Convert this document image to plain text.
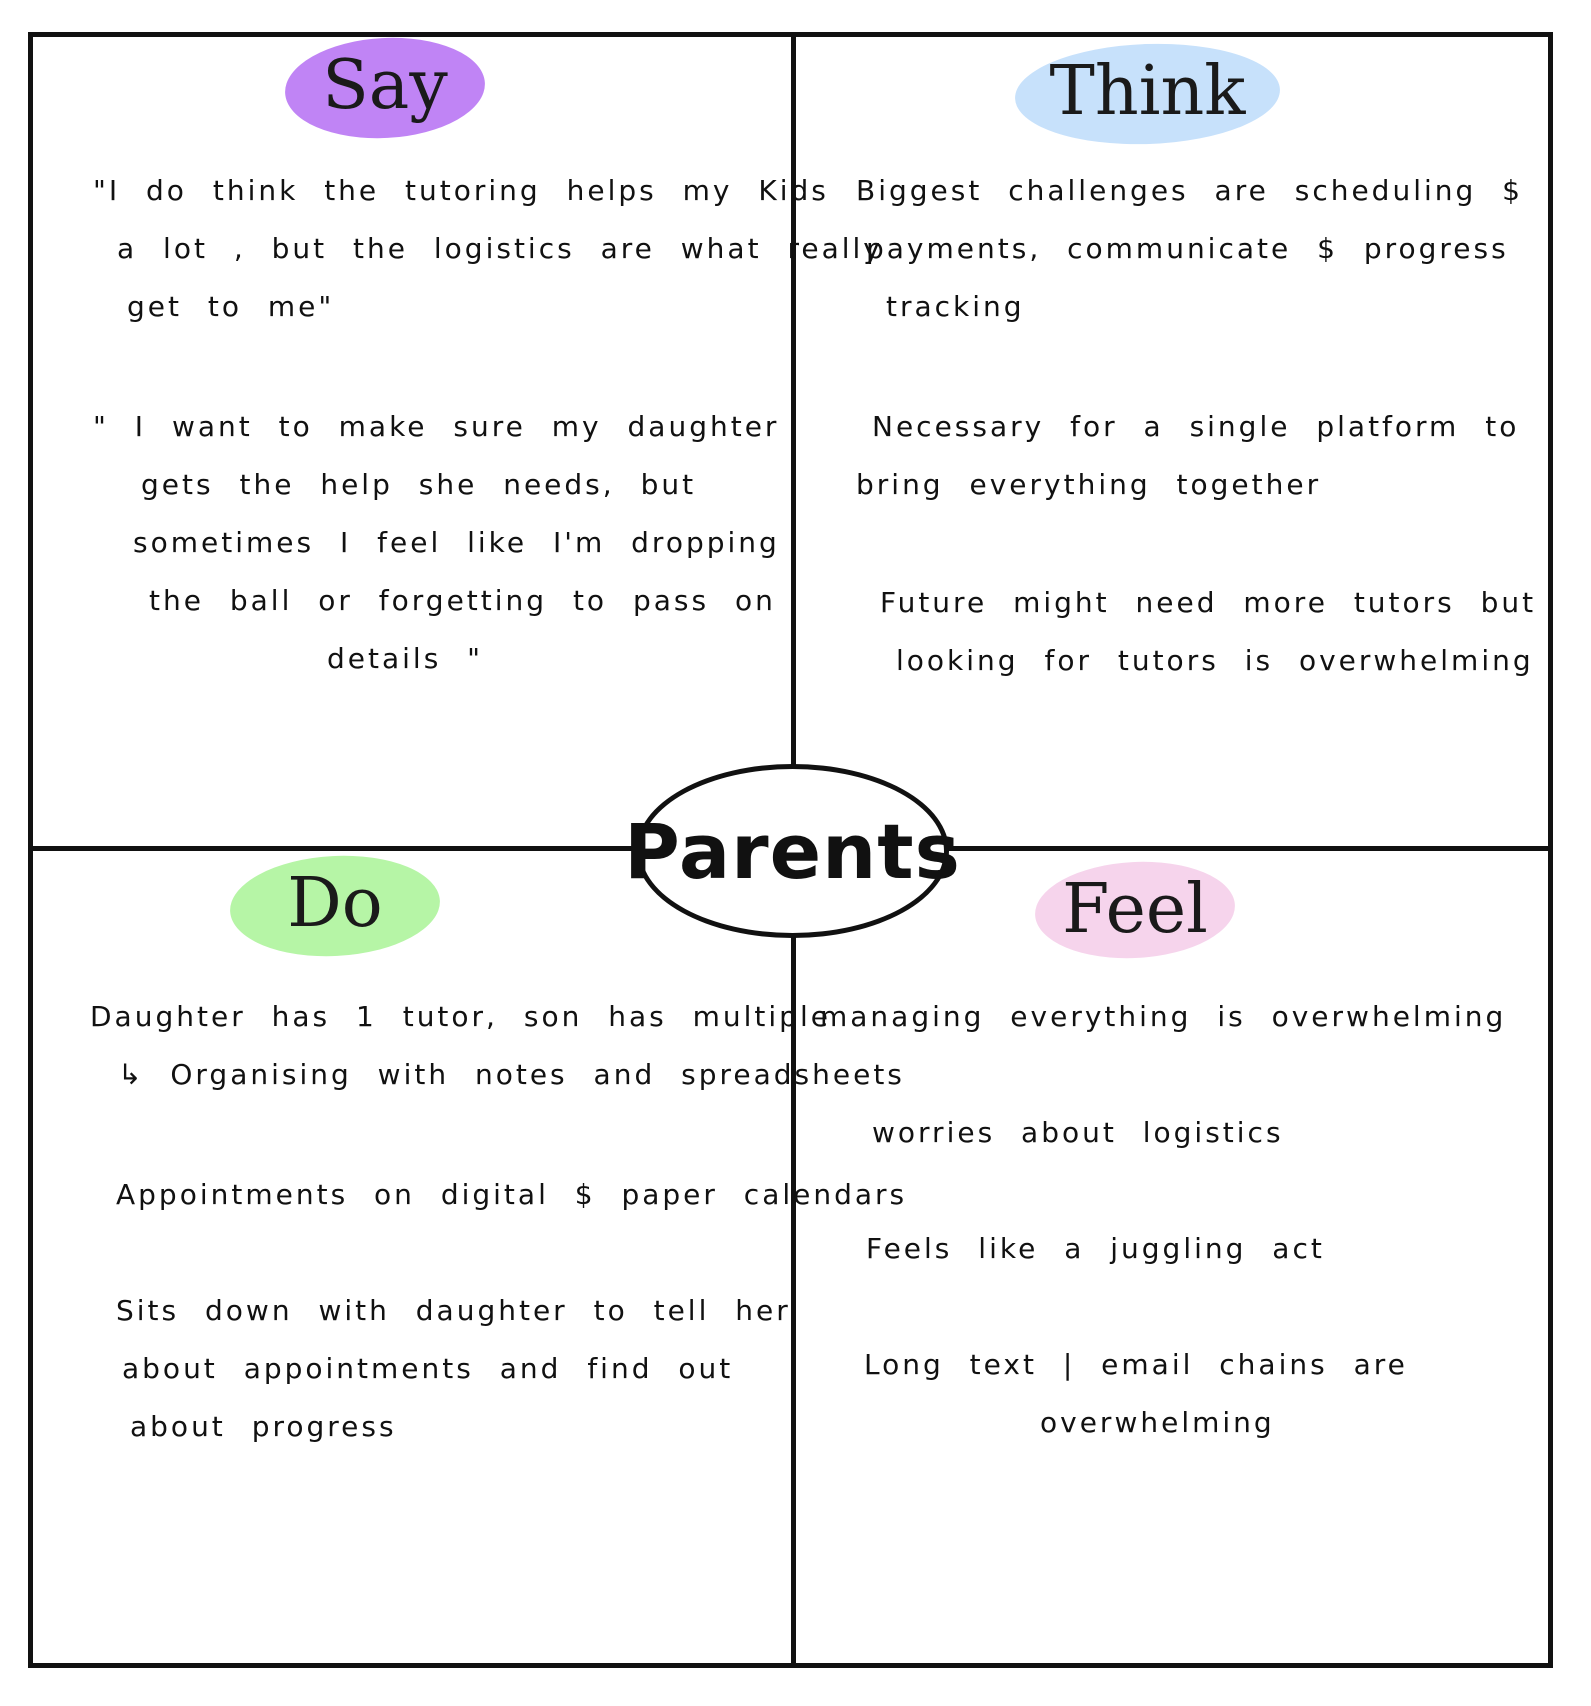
Say
"I do think the tutoring helps my Kids
a lot , but the logistics are what really
get to me"
" I want to make sure my daughter
gets the help she needs, but
sometimes I feel like I'm dropping
the ball or forgetting to pass on
details "
Think
Biggest challenges are scheduling $
payments, communicate $ progress
tracking
Necessary for a single platform to
bring everything together
Future might need more tutors but
looking for tutors is overwhelming
Parents
Do
Daughter has 1 tutor, son has multiple
↳ Organising with notes and spreadsheets
Appointments on digital $ paper calendars
Sits down with daughter to tell her
about appointments and find out
about progress
Feel
managing everything is overwhelming
worries about logistics
Feels like a juggling act
Long text | email chains are
overwhelming
